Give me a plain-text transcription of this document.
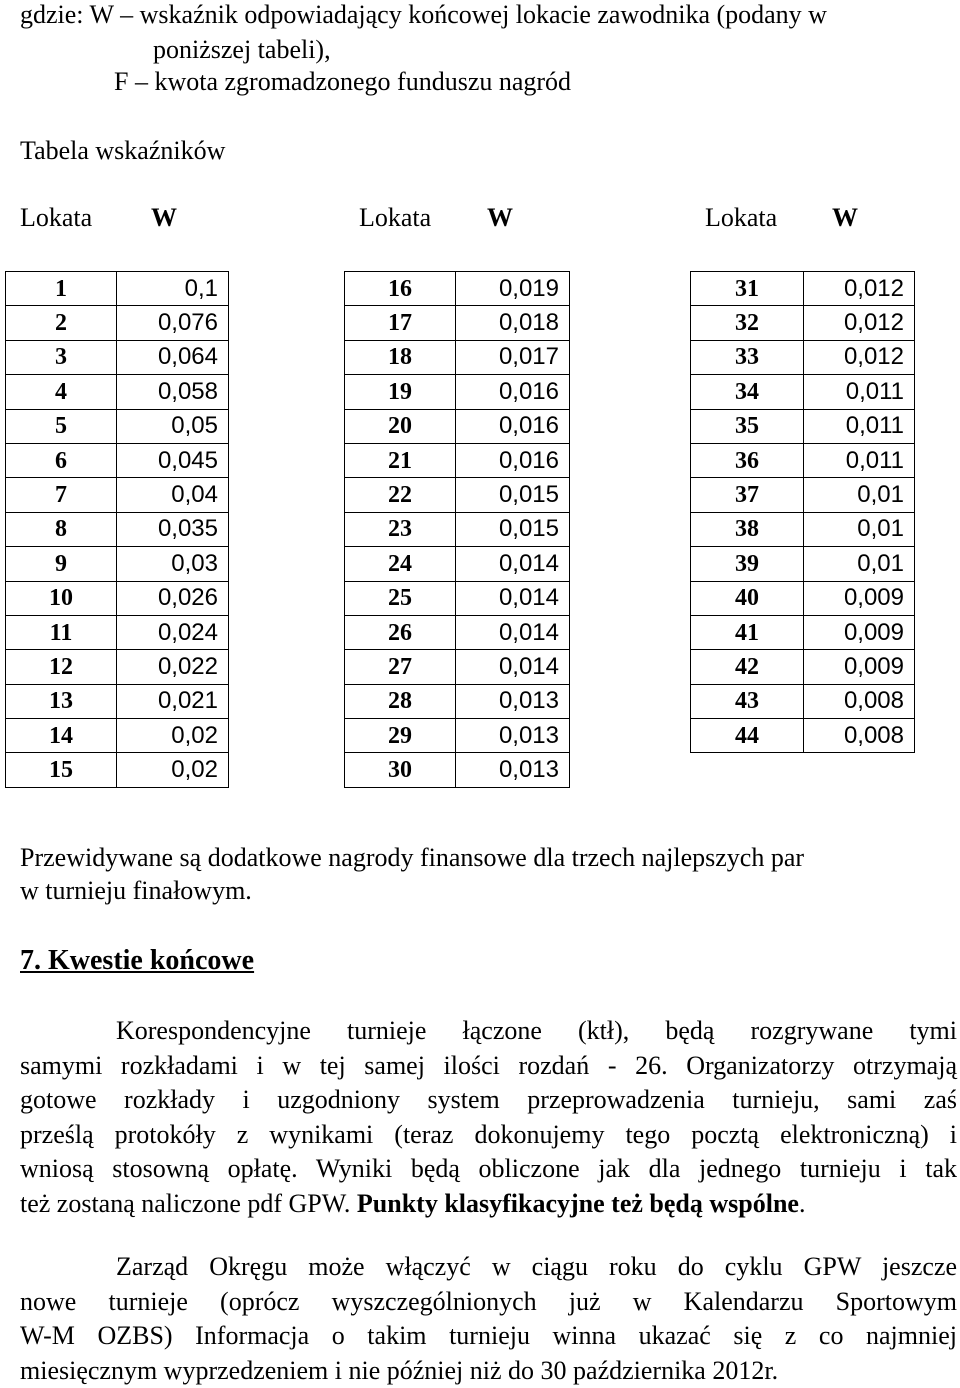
gdzie: W – wskaźnik odpowiadający końcowej lokacie zawodnika (podany w
poniższej tabeli),
F – kwota zgromadzonego funduszu nagród
Tabela wskaźników
Lokata W	Lokata W	Lokata W
1	0,1
2	0,076
3	0,064
4	0,058
5	0,05
6	0,045
7	0,04
8	0,035
9	0,03
10	0,026
11	0,024
12	0,022
13	0,021
14	0,02
15	0,02
16	0,019
17	0,018
18	0,017
19	0,016
20	0,016
21	0,016
22	0,015
23	0,015
24	0,014
25	0,014
26	0,014
27	0,014
28	0,013
29	0,013
30	0,013
31	0,012
32	0,012
33	0,012
34	0,011
35	0,011
36	0,011
37	0,01
38	0,01
39	0,01
40	0,009
41	0,009
42	0,009
43	0,008
44	0,008
Przewidywane są dodatkowe nagrody finansowe dla trzech najlepszych par
w turnieju finałowym.
7. Kwestie końcowe
Korespondencyjne turnieje łączone (ktł), będą rozgrywane tymi
samymi rozkładami i w tej samej ilości rozdań - 26. Organizatorzy otrzymają
gotowe rozkłady i uzgodniony system przeprowadzenia turnieju, sami zaś
prześlą protokóły z wynikami (teraz dokonujemy tego pocztą elektroniczną) i
wniosą stosowną opłatę. Wyniki będą obliczone jak dla jednego turnieju i tak
też zostaną naliczone pdf GPW. Punkty klasyfikacyjne też będą wspólne.
Zarząd Okręgu może włączyć w ciągu roku do cyklu GPW jeszcze
nowe turnieje (oprócz wyszczególnionych już w Kalendarzu Sportowym
W-M OZBS) Informacja o takim turnieju winna ukazać się z co najmniej
miesięcznym wyprzedzeniem i nie później niż do 30 października 2012r.
